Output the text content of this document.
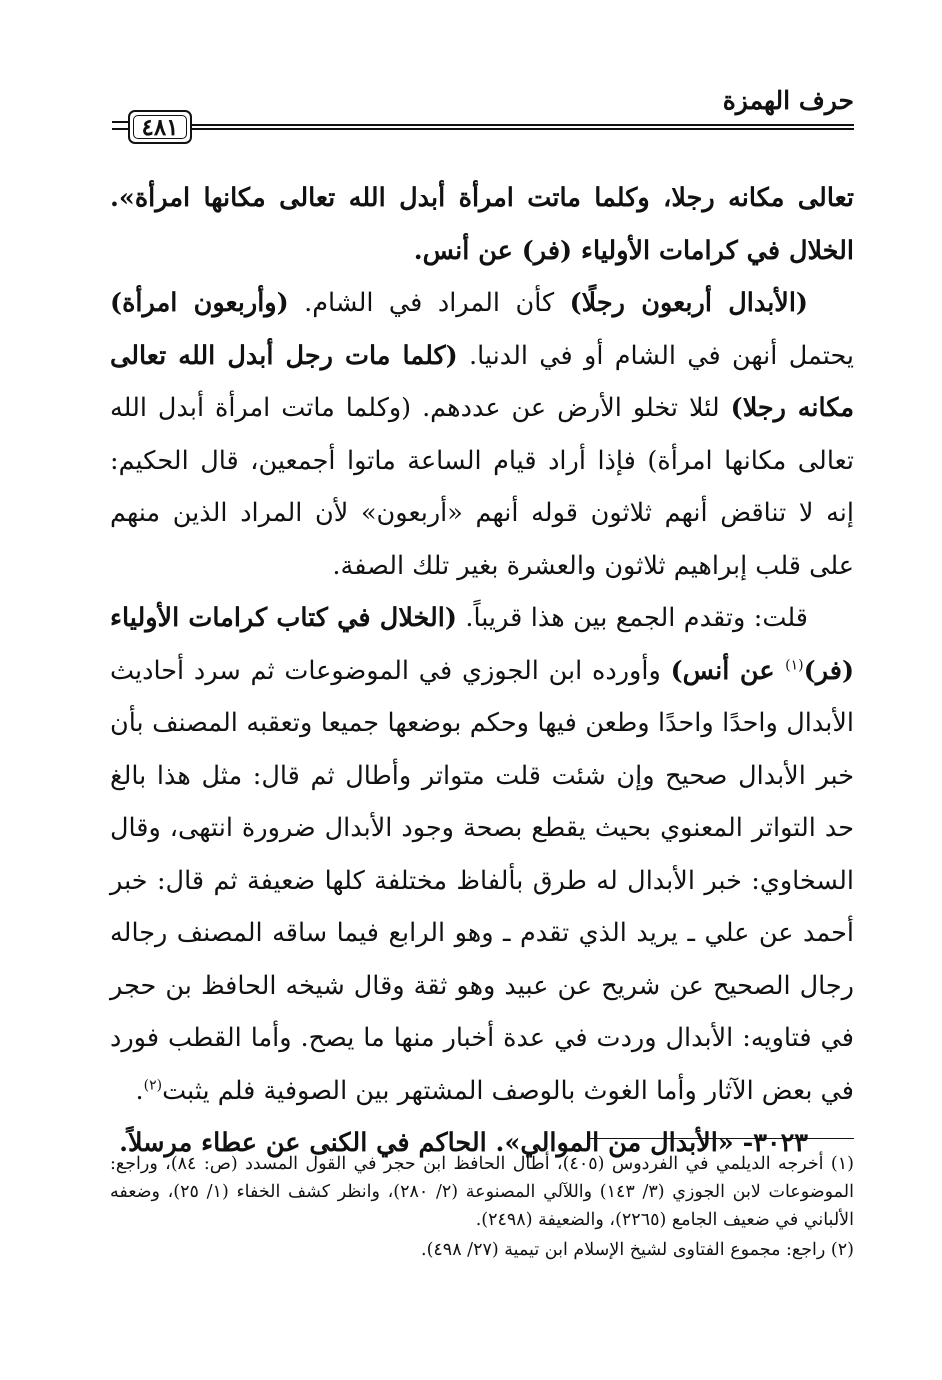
حرف الهمزة
٤٨١

تعالى مكانه رجلا، وكلما ماتت امرأة أبدل الله تعالى مكانها امرأة». الخلال في كرامات الأولياء (فر) عن أنس.

(الأبدال أربعون رجلًا) كأن المراد في الشام. (وأربعون امرأة) يحتمل أنهن في الشام أو في الدنيا. (كلما مات رجل أبدل الله تعالى مكانه رجلا) لئلا تخلو الأرض عن عددهم. (وكلما ماتت امرأة أبدل الله تعالى مكانها امرأة) فإذا أراد قيام الساعة ماتوا أجمعين، قال الحكيم: إنه لا تناقض أنهم ثلاثون قوله أنهم «أربعون» لأن المراد الذين منهم على قلب إبراهيم ثلاثون والعشرة بغير تلك الصفة.

قلت: وتقدم الجمع بين هذا قريباً. (الخلال في كتاب كرامات الأولياء (فر)$^{(١)}$ عن أنس) وأورده ابن الجوزي في الموضوعات ثم سرد أحاديث الأبدال واحدًا واحدًا وطعن فيها وحكم بوضعها جميعا وتعقبه المصنف بأن خبر الأبدال صحيح وإن شئت قلت متواتر وأطال ثم قال: مثل هذا بالغ حد التواتر المعنوي بحيث يقطع بصحة وجود الأبدال ضرورة انتهى، وقال السخاوي: خبر الأبدال له طرق بألفاظ مختلفة كلها ضعيفة ثم قال: خبر أحمد عن علي ـ يريد الذي تقدم ـ وهو الرابع فيما ساقه المصنف رجاله رجال الصحيح عن شريح عن عبيد وهو ثقة وقال شيخه الحافظ بن حجر في فتاويه: الأبدال وردت في عدة أخبار منها ما يصح. وأما القطب فورد في بعض الآثار وأما الغوث بالوصف المشتهر بين الصوفية فلم يثبت$^{(٢)}$.

٣٠٢٣- «الأبدال من الموالي». الحاكم في الكنى عن عطاء مرسلاً.

(١) أخرجه الديلمي في الفردوس (٤٠٥)، أطال الحافظ ابن حجر في القول المسدد (ص: ٨٤)، وراجع: الموضوعات لابن الجوزي (٣/ ١٤٣) واللآلي المصنوعة (٢/ ٢٨٠)، وانظر كشف الخفاء (١/ ٢٥)، وضعفه الألباني في ضعيف الجامع (٢٢٦٥)، والضعيفة (٢٤٩٨).

(٢) راجع: مجموع الفتاوى لشيخ الإسلام ابن تيمية (٢٧/ ٤٩٨).
